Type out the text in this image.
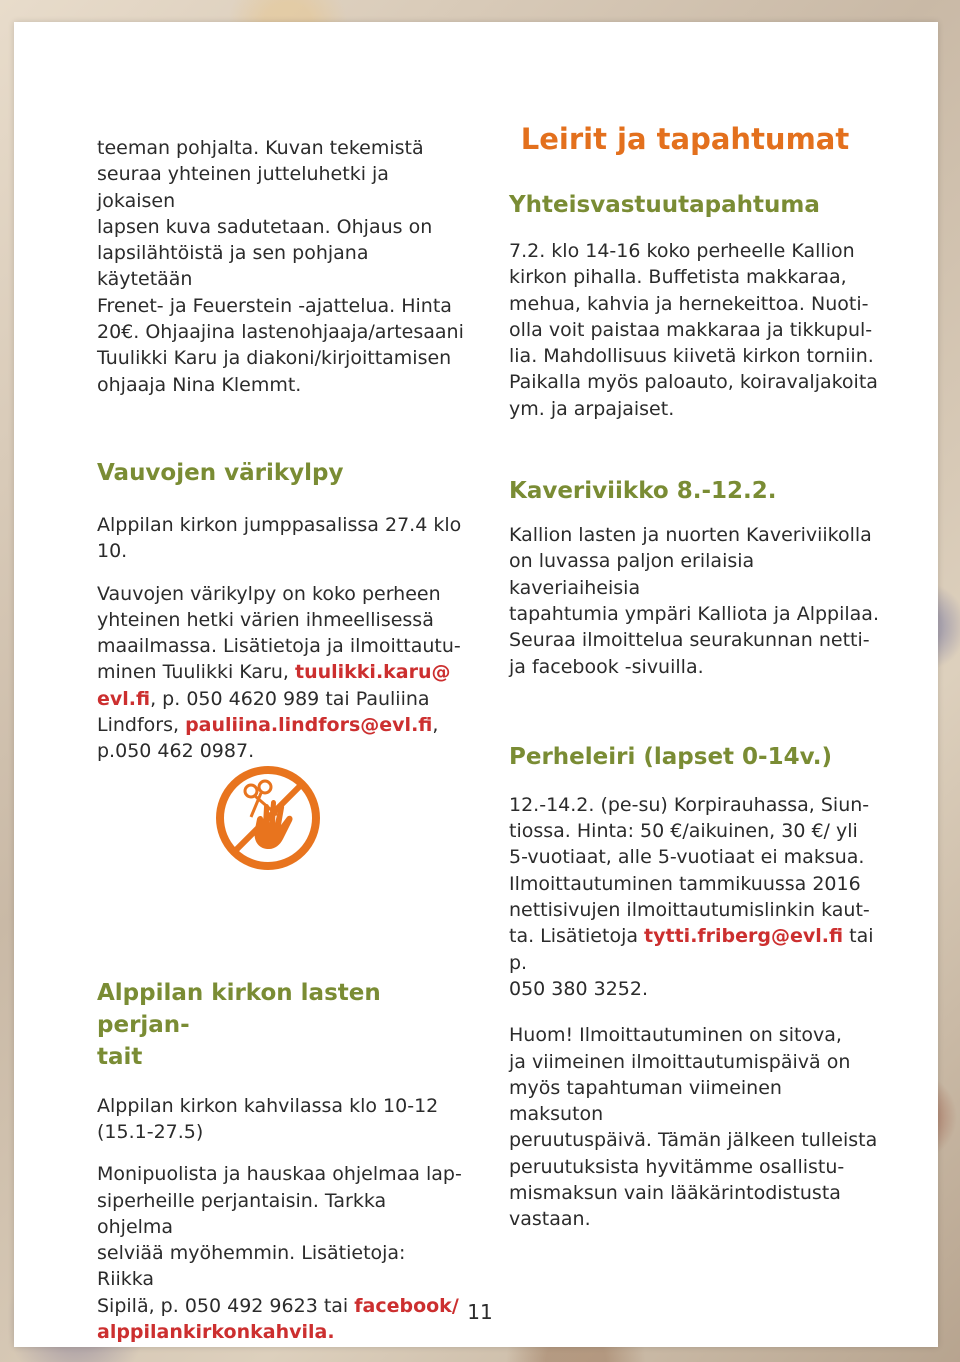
teeman pohjalta. Kuvan tekemistä

seuraa yhteinen jutteluhetki ja jokaisen

lapsen kuva sadutetaan. Ohjaus on

lapsilähtöistä ja sen pohjana käytetään

Frenet- ja Feuerstein -ajattelua. Hinta

20€. Ohjaajina lastenohjaaja/artesaani

Tuulikki Karu ja diakoni/kirjoittamisen

ohjaaja Nina Klemmt.

Vauvojen värikylpy

Alppilan kirkon jumppasalissa 27.4 klo

10.

Vauvojen värikylpy on koko perheen

yhteinen hetki värien ihmeellisessä

maailmassa. Lisätietoja ja ilmoittautu-

minen Tuulikki Karu, tuulikki.karu@

evl.fi, p. 050 4620 989 tai Pauliina

Lindfors, pauliina.lindfors@evl.fi,

p.050 462 0987.

Alppilan kirkon lasten perjan-
tait

Alppilan kirkon kahvilassa klo 10-12

(15.1-27.5)

Monipuolista ja hauskaa ohjelmaa lap-

siperheille perjantaisin. Tarkka ohjelma

selviää myöhemmin. Lisätietoja: Riikka

Sipilä, p. 050 492 9623 tai facebook/

alppilankirkonkahvila.

Leirit ja tapahtumat
Yhteisvastuutapahtuma

7.2. klo 14-16 koko perheelle Kallion

kirkon pihalla. Buffetista makkaraa,

mehua, kahvia ja hernekeittoa. Nuoti-

olla voit paistaa makkaraa ja tikkupul-

lia. Mahdollisuus kiivetä kirkon torniin.

Paikalla myös paloauto, koiravaljakoita

ym. ja arpajaiset.

Kaveriviikko 8.-12.2.

Kallion lasten ja nuorten Kaveriviikolla

on luvassa paljon erilaisia kaveriaiheisia

tapahtumia ympäri Kalliota ja Alppilaa.

Seuraa ilmoittelua seurakunnan netti-

ja facebook -sivuilla.

Perheleiri (lapset 0-14v.)

12.-14.2. (pe-su) Korpirauhassa, Siun-

tiossa. Hinta: 50 €/aikuinen, 30 €/ yli

5-vuotiaat, alle 5-vuotiaat ei maksua.

Ilmoittautuminen tammikuussa 2016

nettisivujen ilmoittautumislinkin kaut-

ta. Lisätietoja tytti.friberg@evl.fi tai p.

050 380 3252.

Huom! Ilmoittautuminen on sitova,

ja viimeinen ilmoittautumispäivä on

myös tapahtuman viimeinen maksuton

peruutuspäivä. Tämän jälkeen tulleista

peruutuksista hyvitämme osallistu-

mismaksun vain lääkärintodistusta

vastaan.

11
